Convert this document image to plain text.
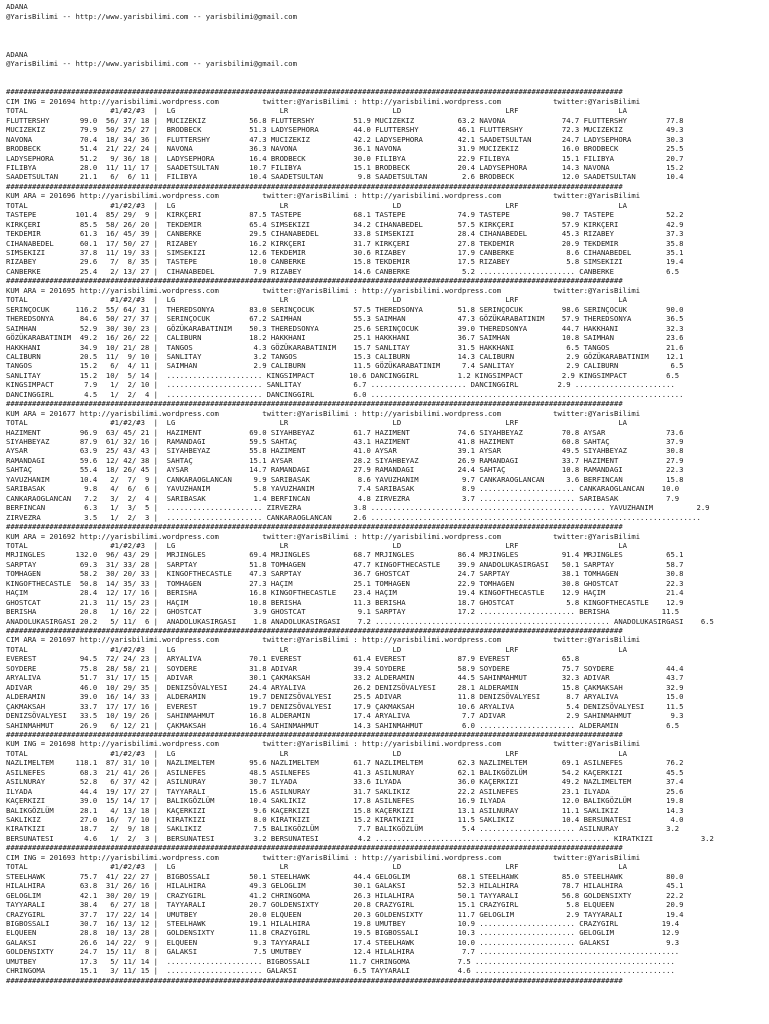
ADANA
@YarisBilimi -- http://www.yarisbilimi.com -- yarisbilimi@gmail.com
ADANA
@YarisBilimi -- http://www.yarisbilimi.com -- yarisbilimi@gmail.com
##############################################################################################################################################
CIM ING = 201694 http://yarisbilimi.wordpress.com          twitter:@YarisBilimi : http://yarisbilimi.wordpress.com            twitter:@YarisBilimi
TOTAL                   #1/#2/#3  |  LG                        LR                        LD                        LRF                       LA
FLUTTERSHY       99.0  56/ 37/ 18 |  MUCIZEKIZ          56.8 FLUTTERSHY         51.9 MUCIZEKIZ          63.2 NAVONA             74.7 FLUTTERSHY         77.8
MUCIZEKIZ        79.9  50/ 25/ 27 |  BRODBECK           51.3 LADYSEPHORA        44.0 FLUTTERSHY         46.1 FLUTTERSHY         72.3 MUCIZEKIZ          49.3
NAVONA           70.4  18/ 34/ 36 |  FLUTTERSHY         47.3 MUCIZEKIZ          42.2 LADYSEPHORA        42.1 SAADETSULTAN       24.7 LADYSEPHORA        30.3
BRODBECK         51.4  21/ 22/ 24 |  NAVONA             36.3 NAVONA             36.1 NAVONA             31.9 MUCIZEKIZ          16.0 BRODBECK           25.5
LADYSEPHORA      51.2   9/ 36/ 18 |  LADYSEPHORA        16.4 BRODBECK           30.0 FILIBYA            22.9 FILIBYA            15.1 FILIBYA            20.7
FILIBYA          28.0  11/ 11/ 17 |  SAADETSULTAN       10.7 FILIBYA            15.1 BRODBECK           20.4 LADYSEPHORA        14.3 NAVONA             15.2
SAADETSULTAN     21.1   6/  6/ 11 |  FILIBYA            10.4 SAADETSULTAN        9.8 SAADETSULTAN        2.6 BRODBECK           12.0 SAADETSULTAN       10.4
##############################################################################################################################################
KUM ARA = 201696 http://yarisbilimi.wordpress.com          twitter:@YarisBilimi : http://yarisbilimi.wordpress.com            twitter:@YarisBilimi
TOTAL                   #1/#2/#3  |  LG                        LR                        LD                        LRF                       LA
TASTEPE         101.4  85/ 29/  9 |  KIRKÇERI           87.5 TASTEPE            68.1 TASTEPE            74.9 TASTEPE            90.7 TASTEPE            52.2
KIRKÇERI         85.5  58/ 26/ 20 |  TEKDEMIR           65.4 SIMSEKIZI          34.2 CIHANABEDEL        57.5 KIRKÇERI           57.9 KIRKÇERI           42.9
TEKDEMIR         61.3  16/ 45/ 39 |  CANBERKE           29.5 CIHANABEDEL        33.8 SIMSEKIZI          28.4 CIHANABEDEL        45.3 RIZABEY            37.3
CIHANABEDEL      60.1  17/ 50/ 27 |  RIZABEY            16.2 KIRKÇERI           31.7 KIRKÇERI           27.8 TEKDEMIR           20.9 TEKDEMIR           35.8
SIMSEKIZI        37.8  11/ 19/ 33 |  SIMSEKIZI          12.6 TEKDEMIR           30.6 RIZABEY            17.9 CANBERKE            8.6 CIHANABEDEL        35.1
RIZABEY          29.6   7/  8/ 35 |  TASTEPE            10.0 CANBERKE           15.8 TEKDEMIR           17.5 RIZABEY             5.8 SIMSEKIZI          19.4
CANBERKE         25.4   2/ 13/ 27 |  CIHANABEDEL         7.9 RIZABEY            14.6 CANBERKE            5.2 ...................... CANBERKE            6.5
##############################################################################################################################################
KUM ARA = 201695 http://yarisbilimi.wordpress.com          twitter:@YarisBilimi : http://yarisbilimi.wordpress.com            twitter:@YarisBilimi
TOTAL                   #1/#2/#3  |  LG                        LR                        LD                        LRF                       LA
SERINÇOCUK      116.2  55/ 64/ 31 |  THEREDSONYA        83.0 SERINÇOCUK         57.5 THEREDSONYA        51.8 SERINÇOCUK         98.6 SERINÇOCUK         90.0
THEREDSONYA      84.6  50/ 27/ 37 |  SERINÇOCUK         67.2 SAIMHAN            55.3 SAIMHAN            47.3 GÖZÜKARABATINIM    57.9 THEREDSONYA        36.5
SAIMHAN          52.9  30/ 30/ 23 |  GÖZÜKARABATINIM    50.3 THEREDSONYA        25.6 SERINÇOCUK         39.0 THEREDSONYA        44.7 HAKKHANI           32.3
GÖZÜKARABATINIM  49.2  16/ 26/ 22 |  CALIBURN           18.2 HAKKHANI           25.1 HAKKHANI           36.7 SAIMHAN            10.8 SAIMHAN            23.6
HAKKHANI         34.9  10/ 21/ 28 |  TANGOS              4.3 GÖZÜKARABATINIM    15.7 SANLITAY           31.5 HAKKHANI            6.5 TANGOS             21.6
CALIBURN         20.5  11/  9/ 10 |  SANLITAY            3.2 TANGOS             15.3 CALIBURN           14.3 CALIBURN            2.9 GÖZÜKARABATINIM    12.1
TANGOS           15.2   6/  4/ 11 |  SAIMHAN             2.9 CALIBURN           11.5 GÖZÜKARABATINIM     7.4 SANLITAY            2.9 CALIBURN            6.5
SANLITAY         15.2  10/  5/ 14 |  ...................... KINGSIMPACT        10.6 DANCINGGIRL         1.2 KINGSIMPACT         2.9 KINGSIMPACT         6.5
KINGSIMPACT       7.9   1/  2/ 10 |  ...................... SANLITAY            6.7 ...................... DANCINGGIRL         2.9 .......................
DANCINGGIRL       4.5   1/  2/  4 |  ...................... DANCINGGIRL         6.0 ........................................................................
##############################################################################################################################################
KUM ARA = 201677 http://yarisbilimi.wordpress.com          twitter:@YarisBilimi : http://yarisbilimi.wordpress.com            twitter:@YarisBilimi
TOTAL                   #1/#2/#3  |  LG                        LR                        LD                        LRF                       LA
HAZIMENT         96.9  63/ 45/ 21 |  HAZIMENT           69.0 SIYAHBEYAZ         61.7 HAZIMENT           74.6 SIYAHBEYAZ         70.8 AYSAR              73.6
SIYAHBEYAZ       87.9  61/ 32/ 16 |  RAMANDAGI          59.5 SAHTAÇ             43.1 HAZIMENT           41.8 HAZIMENT           60.8 SAHTAÇ             37.9
AYSAR            63.9  25/ 43/ 43 |  SIYAHBEYAZ         55.8 HAZIMENT           41.0 AYSAR              39.1 AYSAR              49.5 SIYAHBEYAZ         30.8
RAMANDAGI        59.6  12/ 42/ 38 |  SAHTAÇ             15.1 AYSAR              28.2 SIYAHBEYAZ         26.9 RAMANDAGI          33.7 HAZIMENT           27.9
SAHTAÇ           55.4  18/ 26/ 45 |  AYSAR              14.7 RAMANDAGI          27.9 RAMANDAGI          24.4 SAHTAÇ             10.8 RAMANDAGI          22.3
YAVUZHANIM       10.4   2/  7/  9 |  CANKARAOGLANCAN     9.9 SARIBASAK           8.6 YAVUZHANIM          9.7 CANKARAOGLANCAN     3.6 BERFINCAN          15.8
SARIBASAK         9.8   4/  6/  6 |  YAVUZHANIM          5.8 YAVUZHANIM          7.4 SARIBASAK           8.9 ...................... CANKARAOGLANCAN    10.0
CANKARAOGLANCAN   7.2   3/  2/  4 |  SARIBASAK           1.4 BERFINCAN           4.8 ZIRVEZRA            3.7 ...................... SARIBASAK           7.9
BERFINCAN         6.3   1/  3/  5 |  ...................... ZIRVEZRA            3.8 ...................................................... YAVUZHANIM          2.9
ZIRVEZRA          3.5   1/  2/  3 |  ...................... CANKARAOGLANCAN     2.6 ............................................................................
##############################################################################################################################################
KUM ARA = 201692 http://yarisbilimi.wordpress.com          twitter:@YarisBilimi : http://yarisbilimi.wordpress.com            twitter:@YarisBilimi
TOTAL                   #1/#2/#3  |  LG                        LR                        LD                        LRF                       LA
MRJINGLES       132.0  96/ 43/ 29 |  MRJINGLES          69.4 MRJINGLES          68.7 MRJINGLES          86.4 MRJINGLES          91.4 MRJINGLES          65.1
SARPTAY          69.3  31/ 33/ 28 |  SARPTAY            51.8 TOMHAGEN           47.7 KINGOFTHECASTLE    39.9 ANADOLUKASIRGASI   50.1 SARPTAY            58.7
TOMHAGEN         58.2  30/ 20/ 33 |  KINGOFTHECASTLE    47.3 SARPTAY            36.7 GHOSTCAT           24.7 SARPTAY            38.1 TOMHAGEN           30.8
KINGOFTHECASTLE  50.8  14/ 35/ 33 |  TOMHAGEN           27.3 HAÇIM              25.1 TOMHAGEN           22.9 TOMHAGEN           30.8 GHOSTCAT           22.3
HAÇIM            28.4  12/ 17/ 16 |  BERISHA            16.8 KINGOFTHECASTLE    23.4 HAÇIM              19.4 KINGOFTHECASTLE    12.9 HAÇIM              21.4
GHOSTCAT         21.3  11/ 15/ 23 |  HAÇIM              10.8 BERISHA            11.3 BERISHA            18.7 GHOSTCAT            5.8 KINGOFTHECASTLE    12.9
BERISHA          20.8   1/ 16/ 22 |  GHOSTCAT            3.9 GHOSTCAT            9.1 SARPTAY            17.2 ...................... BERISHA            11.5
ANADOLUKASIRGASI 20.2   5/ 11/  6 |  ANADOLUKASIRGASI    1.8 ANADOLUKASIRGASI    7.2 ...................................................... ANADOLUKASIRGASI    6.5
##############################################################################################################################################
CIM ARA = 201697 http://yarisbilimi.wordpress.com          twitter:@YarisBilimi : http://yarisbilimi.wordpress.com            twitter:@YarisBilimi
TOTAL                   #1/#2/#3  |  LG                        LR                        LD                        LRF                       LA
EVEREST          94.5  72/ 24/ 23 |  ARYALIVA           70.1 EVEREST            61.4 EVEREST            87.9 EVEREST            65.8
SOYDERE          75.8  28/ 58/ 21 |  SOYDERE            31.8 ADIVAR             39.4 SOYDERE            58.9 SOYDERE            75.7 SOYDERE            44.4
ARYALIVA         51.7  31/ 17/ 15 |  ADIVAR             30.1 ÇAKMAKSAH          33.2 ALDERAMIN          44.5 SAHINMAHMUT        32.3 ADIVAR             43.7
ADIVAR           46.0  10/ 29/ 35 |  DENIZSÖVALYESI     24.4 ARYALIVA           26.2 DENIZSÖVALYESI     28.1 ALDERAMIN          15.8 ÇAKMAKSAH          32.9
ALDERAMIN        39.0  16/ 14/ 33 |  ALDERAMIN          19.7 DENIZSÖVALYESI     25.5 ADIVAR             11.8 DENIZSÖVALYESI      8.7 ARYALIVA           15.0
ÇAKMAKSAH        33.7  17/ 17/ 16 |  EVEREST            19.7 DENIZSÖVALYESI     17.9 ÇAKMAKSAH          10.6 ARYALIVA            5.4 DENIZSÖVALYESI     11.5
DENIZSÖVALYESI   33.5  10/ 19/ 26 |  SAHINMAHMUT        16.8 ALDERAMIN          17.4 ARYALIVA            7.7 ADIVAR              2.9 SAHINMAHMUT         9.3
SAHINMAHMUT      26.9   6/ 12/ 21 |  ÇAKMAKSAH          16.4 SAHINMAHMUT        14.3 SAHINMAHMUT         6.0 ...................... ALDERAMIN           6.5
##############################################################################################################################################
KUM ING = 201698 http://yarisbilimi.wordpress.com          twitter:@YarisBilimi : http://yarisbilimi.wordpress.com            twitter:@YarisBilimi
TOTAL                   #1/#2/#3  |  LG                        LR                        LD                        LRF                       LA
NAZLIMELTEM     118.1  87/ 31/ 10 |  NAZLIMELTEM        95.6 NAZLIMELTEM        61.7 NAZLIMELTEM        62.3 NAZLIMELTEM        69.1 ASILNEFES          76.2
ASILNEFES        68.3  21/ 41/ 26 |  ASILNEFES          48.5 ASILNEFES          41.3 ASILNURAY          62.1 BALIKGÖZLÜM        54.2 KAÇERKIZI          45.5
ASILNURAY        52.8   6/ 37/ 42 |  ASILNURAY          30.7 ILYADA             33.6 ILYADA             36.0 KAÇERKIZI          49.2 NAZLIMELTEM        37.4
ILYADA           44.4  19/ 17/ 27 |  TAYYARALI          15.6 ASILNURAY          31.7 SAKLIKIZ           22.2 ASILNEFES          23.1 ILYADA             25.6
KAÇERKIZI        39.0  15/ 14/ 17 |  BALIKGÖZLÜM        10.4 SAKLIKIZ           17.8 ASILNEFES          16.9 ILYADA             12.0 BALIKGÖZLÜM        19.8
BALIKGÖZLÜM      28.1   4/ 13/ 18 |  KAÇERKIZI           9.6 KAÇERKIZI          15.8 KAÇERKIZI          13.1 ASILNURAY          11.1 SAKLIKIZ           14.3
SAKLIKIZ         27.0  16/  7/ 10 |  KIRATKIZI           8.0 KIRATKIZI          15.2 KIRATKIZI          11.5 SAKLIKIZ           10.4 BERSUNATESI         4.0
KIRATKIZI        18.7   2/  9/ 18 |  SAKLIKIZ            7.5 BALIKGÖZLÜM         7.7 BALIKGÖZLÜM         5.4 ...................... ASILNURAY           3.2
BERSUNATESI       4.6   1/  2/  3 |  BERSUNATESI         3.2 BERSUNATESI         4.2 ...................................................... KIRATKIZI           3.2
##############################################################################################################################################
CIM ING = 201693 http://yarisbilimi.wordpress.com          twitter:@YarisBilimi : http://yarisbilimi.wordpress.com            twitter:@YarisBilimi
TOTAL                   #1/#2/#3  |  LG                        LR                        LD                        LRF                       LA
STEELHAWK        75.7  41/ 22/ 27 |  BIGBOSSALI         50.1 STEELHAWK          44.4 GELOGLIM           68.1 STEELHAWK          85.0 STEELHAWK          80.0
HILALHIRA        63.8  31/ 26/ 16 |  HILALHIRA          49.3 GELOGLIM           30.1 GALAKSI            52.3 HILALHIRA          78.7 HILALHIRA          45.1
GELOGLIM         42.1  30/ 20/ 19 |  CRAZYGIRL          41.2 CHRINGOMA          26.3 HILALHIRA          50.1 TAYYARALI          56.8 GOLDENSIXTY        22.2
TAYYARALI        38.4   6/ 27/ 18 |  TAYYARALI          20.7 GOLDENSIXTY        20.8 CRAZYGIRL          15.1 CRAZYGIRL           5.8 ELQUEEN            20.9
CRAZYGIRL        37.7  17/ 22/ 14 |  UMUTBEY            20.0 ELQUEEN            20.3 GOLDENSIXTY        11.7 GELOGLIM            2.9 TAYYARALI          19.4
BIGBOSSALI       30.7  16/ 13/ 12 |  STEELHAWK          19.1 HILALHIRA          19.8 UMUTBEY            10.9 ...................... CRAZYGIRL          19.4
ELQUEEN          28.8  10/ 13/ 28 |  GOLDENSIXTY        11.8 CRAZYGIRL          19.5 BIGBOSSALI         10.3 ...................... GELOGLIM           12.9
GALAKSI          26.6  14/ 22/  9 |  ELQUEEN             9.3 TAYYARALI          17.4 STEELHAWK          10.0 ...................... GALAKSI             9.3
GOLDENSIXTY      24.7  15/ 11/  8 |  GALAKSI             7.5 UMUTBEY            12.4 HILALHIRA           7.7 ..............................................
UMUTBEY          17.3   5/ 11/ 14 |  ...................... BIGBOSSALI         11.7 CHRINGOMA           7.5 ..............................................
CHRINGOMA        15.1   3/ 11/ 15 |  ...................... GALAKSI             6.5 TAYYARALI           4.6 ..............................................
##############################################################################################################################################
